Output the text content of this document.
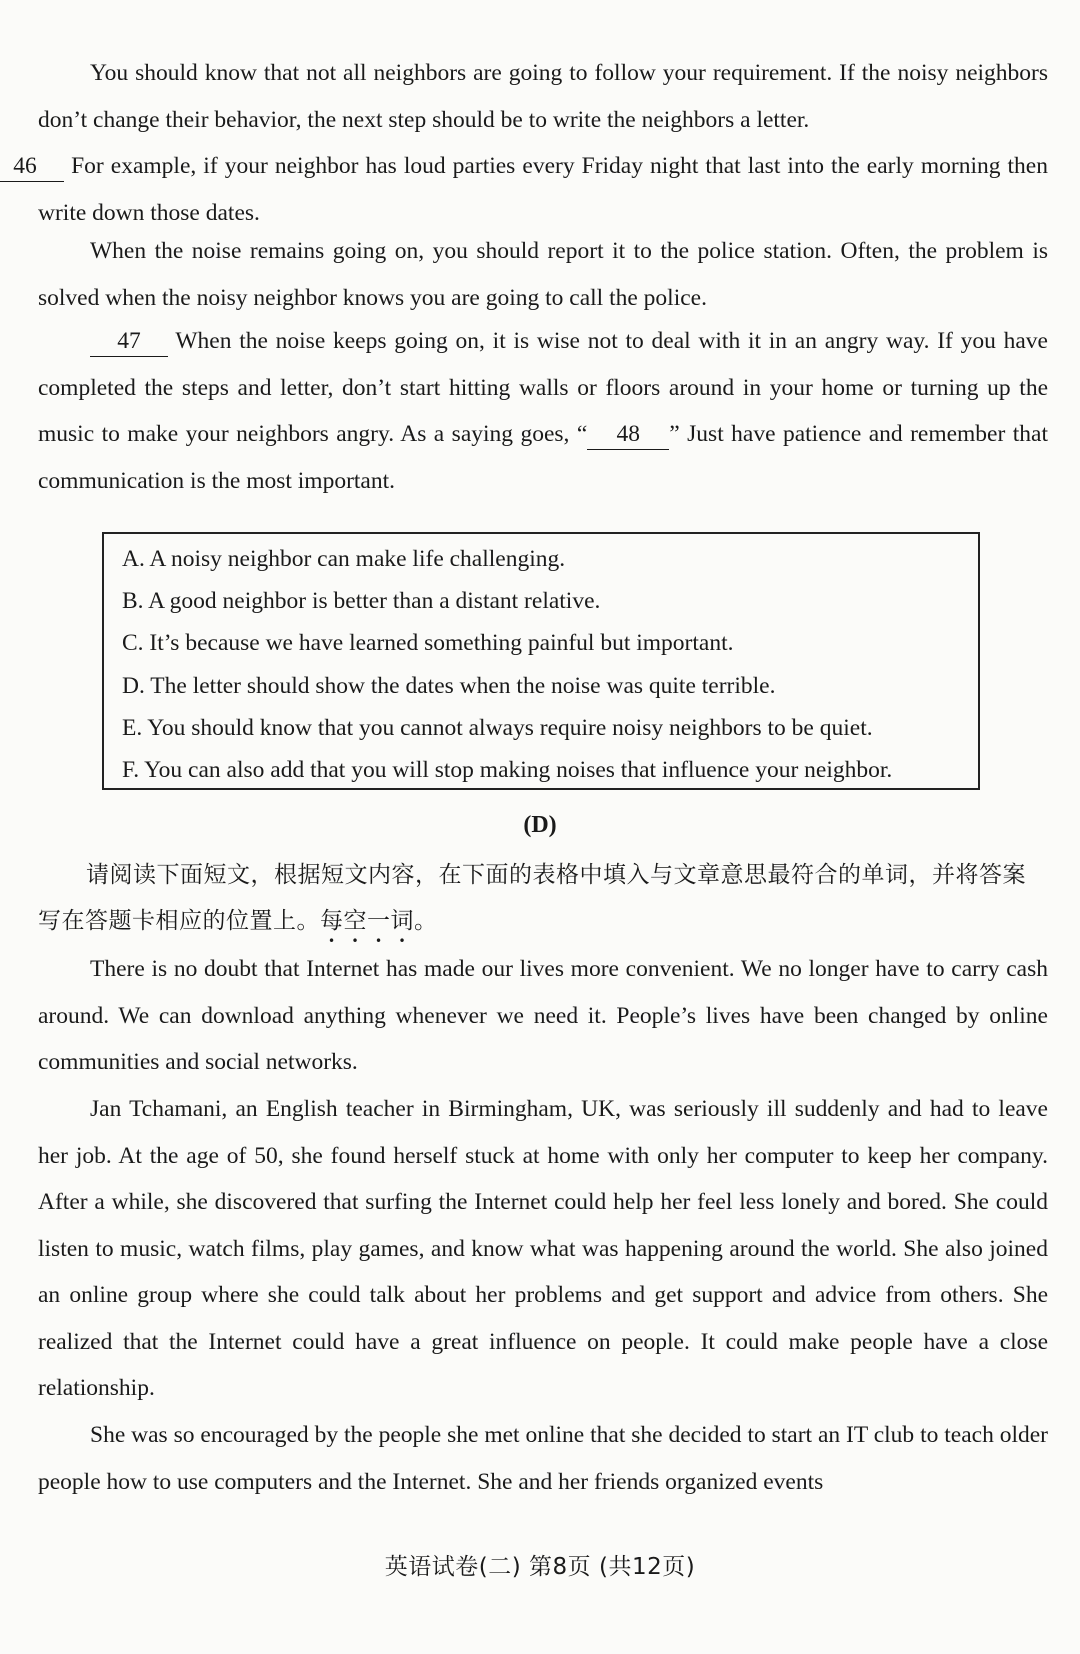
You should know that not all neighbors are going to follow your requirement. If the noisy neighbors don’t change their behavior, the next step should be to write the neighbors a letter.
46 For example, if your neighbor has loud parties every Friday night that last into the early morning then write down those dates.

When the noise remains going on, you should report it to the police station. Often, the problem is solved when the noisy neighbor knows you are going to call the police.

47 When the noise keeps going on, it is wise not to deal with it in an angry way. If you have completed the steps and letter, don’t start hitting walls or floors around in your home or turning up the music to make your neighbors angry. As a saying goes, “ 48 ” Just have patience and remember that communication is the most important.

A. A noisy neighbor can make life challenging.
B. A good neighbor is better than a distant relative.
C. It’s because we have learned something painful but important.
D. The letter should show the dates when the noise was quite terrible.
E. You should know that you cannot always require noisy neighbors to be quiet.
F. You can also add that you will stop making noises that influence your neighbor.
(D)

请阅读下面短文，根据短文内容，在下面的表格中填入与文章意思最符合的单词，并将答案写在答题卡相应的位置上。每空一词。

There is no doubt that Internet has made our lives more convenient. We no longer have to carry cash around. We can download anything whenever we need it. People’s lives have been changed by online communities and social networks.

Jan Tchamani, an English teacher in Birmingham, UK, was seriously ill suddenly and had to leave her job. At the age of 50, she found herself stuck at home with only her computer to keep her company. After a while, she discovered that surfing the Internet could help her feel less lonely and bored. She could listen to music, watch films, play games, and know what was happening around the world. She also joined an online group where she could talk about her problems and get support and advice from others. She realized that the Internet could have a great influence on people. It could make people have a close relationship.

She was so encouraged by the people she met online that she decided to start an IT club to teach older people how to use computers and the Internet. She and her friends organized events

英语试卷(二) 第8页 (共12页)
